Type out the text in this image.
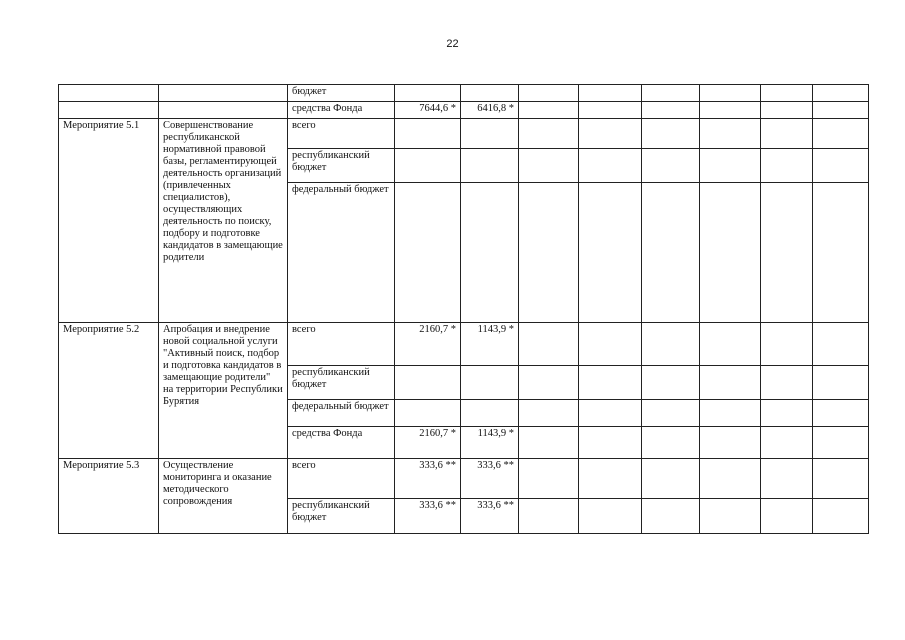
22
		бюджет								
		средства Фонда	7644,6 *	6416,8 *						
Мероприятие 5.1	Совершенствование республиканской нормативной правовой базы, регламентирующей деятельность организаций (привлеченных специалистов), осуществляющих деятельность по поиску, подбору и подготовке кандидатов в замещающие родители	всего								
		республиканский бюджет								
		федеральный бюджет								
Мероприятие 5.2	Апробация и внедрение новой социальной услуги "Активный поиск, подбор и подготовка кандидатов в замещающие родители" на территории Республики Бурятия	всего	2160,7 *	1143,9 *						
		республиканский бюджет								
		федеральный бюджет								
		средства Фонда	2160,7 *	1143,9 *						
Мероприятие 5.3	Осуществление мониторинга и оказание методического сопровождения	всего	333,6 **	333,6 **						
		республиканский бюджет	333,6 **	333,6 **						
